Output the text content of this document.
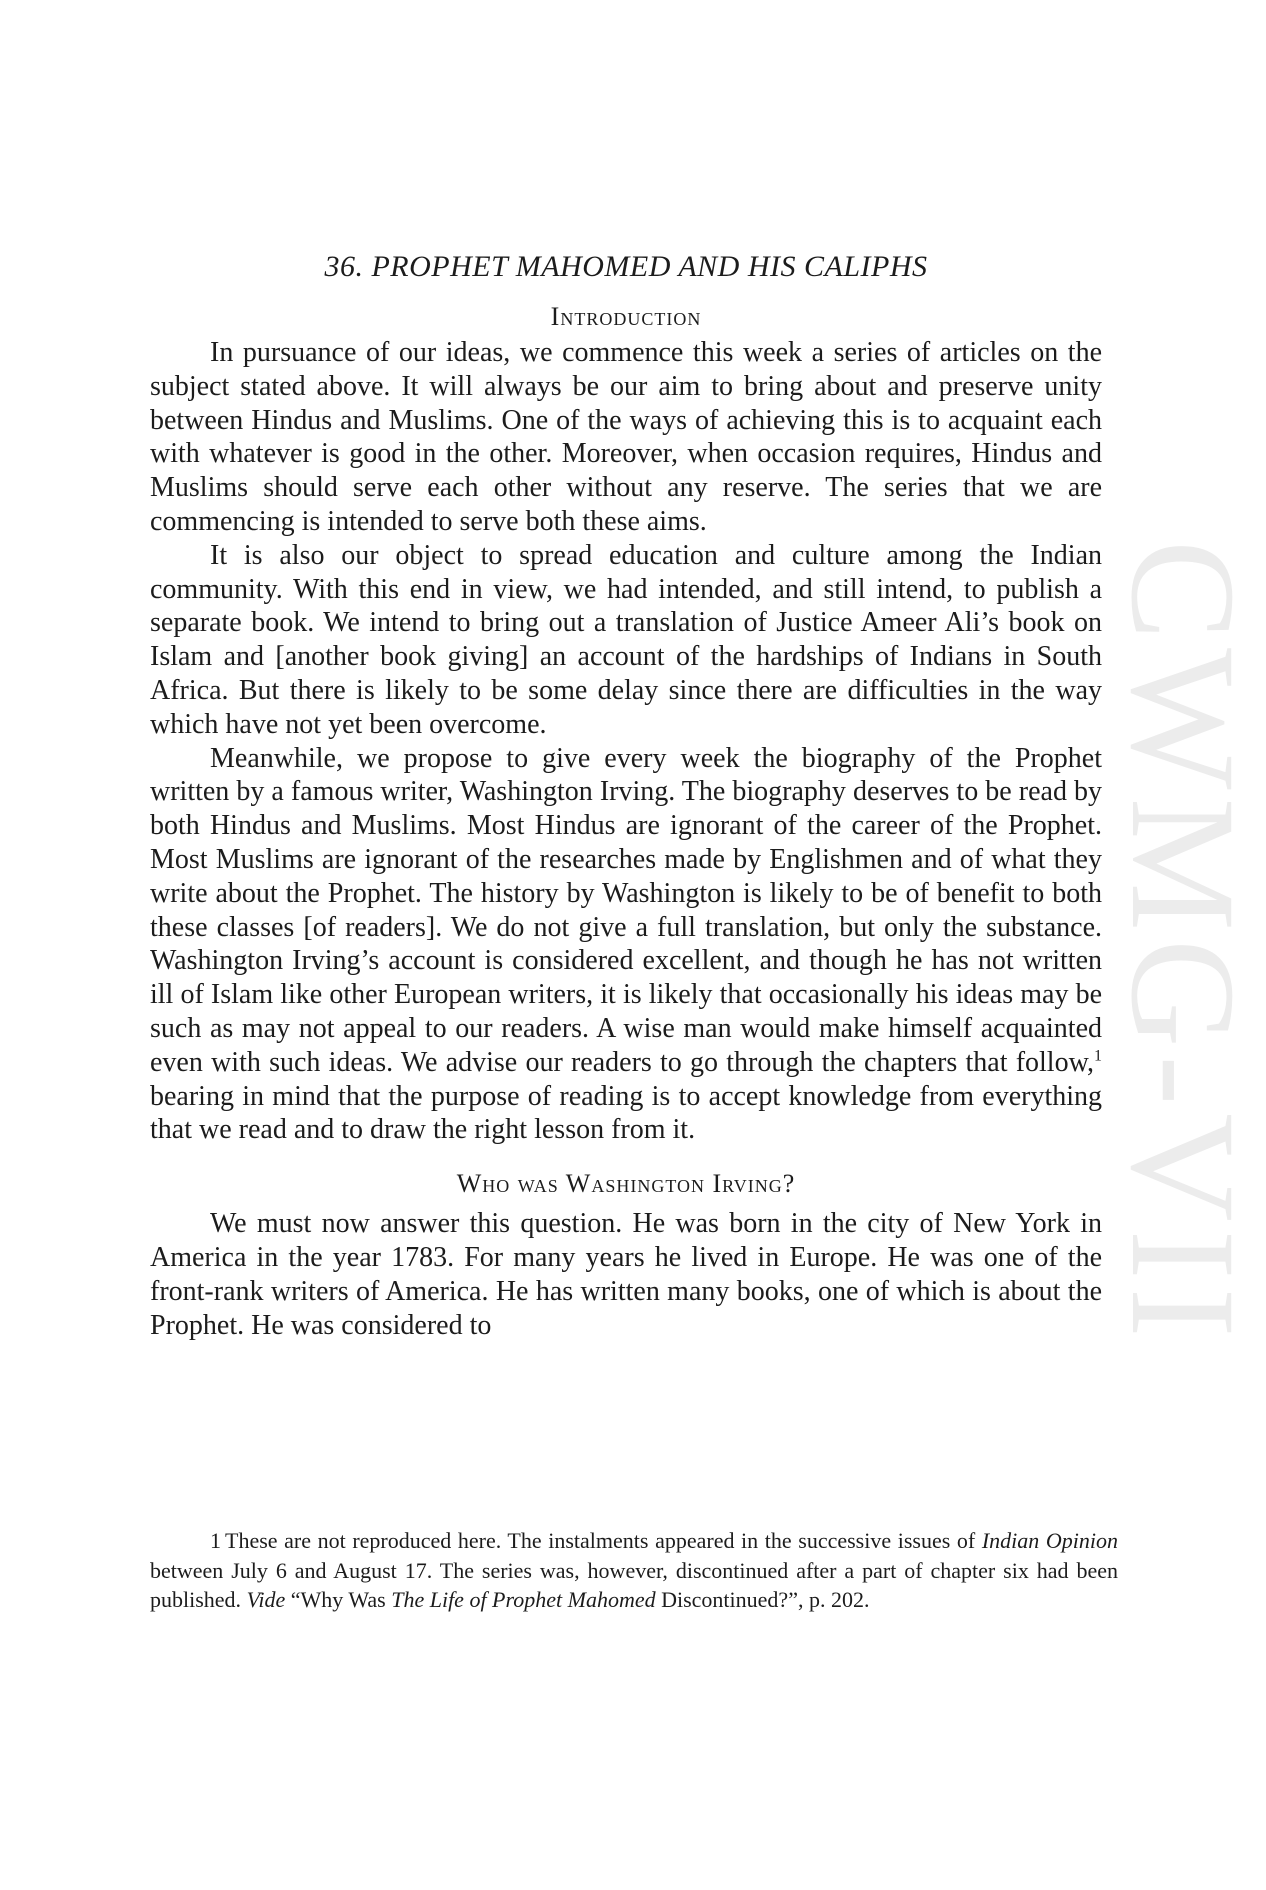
CWMG-VII
36. PROPHET MAHOMED AND HIS CALIPHS
Introduction

In pursuance of our ideas, we commence this week a series of articles on the subject stated above. It will always be our aim to bring about and preserve unity between Hindus and Muslims. One of the ways of achieving this is to acquaint each with whatever is good in the other. Moreover, when occasion requires, Hindus and Muslims should serve each other without any reserve. The series that we are commencing is intended to serve both these aims.

It is also our object to spread education and culture among the Indian community. With this end in view, we had intended, and still intend, to publish a separate book. We intend to bring out a translation of Justice Ameer Ali’s book on Islam and [another book giving] an account of the hardships of Indians in South Africa. But there is likely to be some delay since there are difficulties in the way which have not yet been overcome.

Meanwhile, we propose to give every week the biography of the Prophet written by a famous writer, Washington Irving. The biography deserves to be read by both Hindus and Muslims. Most Hindus are ignorant of the career of the Prophet. Most Muslims are ignorant of the researches made by Englishmen and of what they write about the Prophet. The history by Washington is likely to be of benefit to both these classes [of readers]. We do not give a full translation, but only the substance. Washington Irving’s account is considered excellent, and though he has not written ill of Islam like other European writers, it is likely that occasionally his ideas may be such as may not appeal to our readers. A wise man would make himself acquainted even with such ideas. We advise our readers to go through the chapters that follow,$^1$ bearing in mind that the purpose of reading is to accept knowledge from everything that we read and to draw the right lesson from it.

Who was Washington Irving?

We must now answer this question. He was born in the city of New York in America in the year 1783. For many years he lived in Europe. He was one of the front-rank writers of America. He has written many books, one of which is about the Prophet. He was considered to

1 These are not reproduced here. The instalments appeared in the successive issues of Indian Opinion between July 6 and August 17. The series was, however, discontinued after a part of chapter six had been published. Vide “Why Was The Life of Prophet Mahomed Discontinued?”, p. 202.
